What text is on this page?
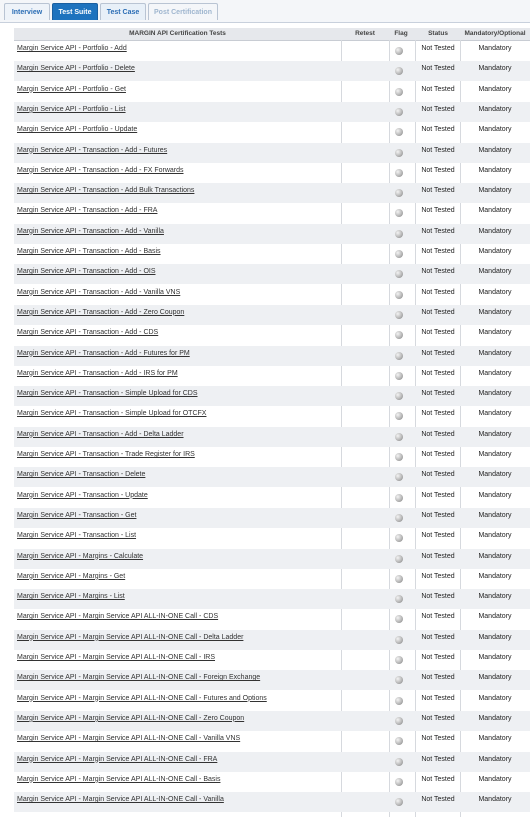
Interview	Test Suite	Test Case	Post Certification
MARGIN API Certification Tests	Retest	Flag	Status	Mandatory/Optional
Margin Service API - Portfolio - Add	Not Tested	Mandatory
Margin Service API - Portfolio - Delete	Not Tested	Mandatory
Margin Service API - Portfolio - Get	Not Tested	Mandatory
Margin Service API - Portfolio - List	Not Tested	Mandatory
Margin Service API - Portfolio - Update	Not Tested	Mandatory
Margin Service API - Transaction - Add - Futures	Not Tested	Mandatory
Margin Service API - Transaction - Add - FX Forwards	Not Tested	Mandatory
Margin Service API - Transaction - Add Bulk Transactions	Not Tested	Mandatory
Margin Service API - Transaction - Add - FRA	Not Tested	Mandatory
Margin Service API - Transaction - Add - Vanilla	Not Tested	Mandatory
Margin Service API - Transaction - Add - Basis	Not Tested	Mandatory
Margin Service API - Transaction - Add - OIS	Not Tested	Mandatory
Margin Service API - Transaction - Add - Vanilla VNS	Not Tested	Mandatory
Margin Service API - Transaction - Add - Zero Coupon	Not Tested	Mandatory
Margin Service API - Transaction - Add - CDS	Not Tested	Mandatory
Margin Service API - Transaction - Add - Futures for PM	Not Tested	Mandatory
Margin Service API - Transaction - Add - IRS for PM	Not Tested	Mandatory
Margin Service API - Transaction - Simple Upload for CDS	Not Tested	Mandatory
Margin Service API - Transaction - Simple Upload for OTCFX	Not Tested	Mandatory
Margin Service API - Transaction - Add - Delta Ladder	Not Tested	Mandatory
Margin Service API - Transaction - Trade Register for IRS	Not Tested	Mandatory
Margin Service API - Transaction - Delete	Not Tested	Mandatory
Margin Service API - Transaction - Update	Not Tested	Mandatory
Margin Service API - Transaction - Get	Not Tested	Mandatory
Margin Service API - Transaction - List	Not Tested	Mandatory
Margin Service API - Margins - Calculate	Not Tested	Mandatory
Margin Service API - Margins - Get	Not Tested	Mandatory
Margin Service API - Margins - List	Not Tested	Mandatory
Margin Service API - Margin Service API ALL-IN-ONE Call - CDS	Not Tested	Mandatory
Margin Service API - Margin Service API ALL-IN-ONE Call - Delta Ladder	Not Tested	Mandatory
Margin Service API - Margin Service API ALL-IN-ONE Call - IRS	Not Tested	Mandatory
Margin Service API - Margin Service API ALL-IN-ONE Call - Foreign Exchange	Not Tested	Mandatory
Margin Service API - Margin Service API ALL-IN-ONE Call - Futures and Options	Not Tested	Mandatory
Margin Service API - Margin Service API ALL-IN-ONE Call - Zero Coupon	Not Tested	Mandatory
Margin Service API - Margin Service API ALL-IN-ONE Call - Vanilla VNS	Not Tested	Mandatory
Margin Service API - Margin Service API ALL-IN-ONE Call - FRA	Not Tested	Mandatory
Margin Service API - Margin Service API ALL-IN-ONE Call - Basis	Not Tested	Mandatory
Margin Service API - Margin Service API ALL-IN-ONE Call - Vanilla	Not Tested	Mandatory
